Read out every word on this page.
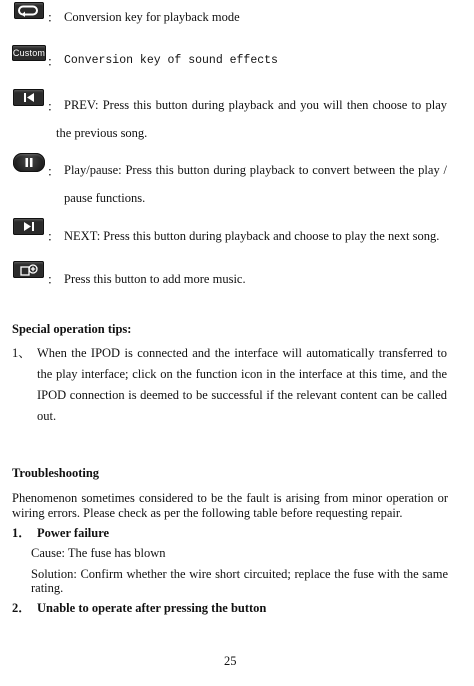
： Conversion key for playback mode
Custom
： Conversion key of sound effects
： PREV: Press this button during playback and you will then choose to play
the previous song.
： Play/pause: Press this button during playback to convert between the play /
pause functions.
： NEXT: Press this button during playback and choose to play the next song.
： Press this button to add more music.
Special operation tips:
1、 When the IPOD is connected and the interface will automatically transferred to
the play interface; click on the function icon in the interface at this time, and the
IPOD connection is deemed to be successful if the relevant content can be called
out.
Troubleshooting
Phenomenon sometimes considered to be the fault is arising from minor operation or
wiring errors. Please check as per the following table before requesting repair.
1． Power failure
Cause: The fuse has blown
Solution: Confirm whether the wire short circuited; replace the fuse with the same
rating.
2． Unable to operate after pressing the button
25
